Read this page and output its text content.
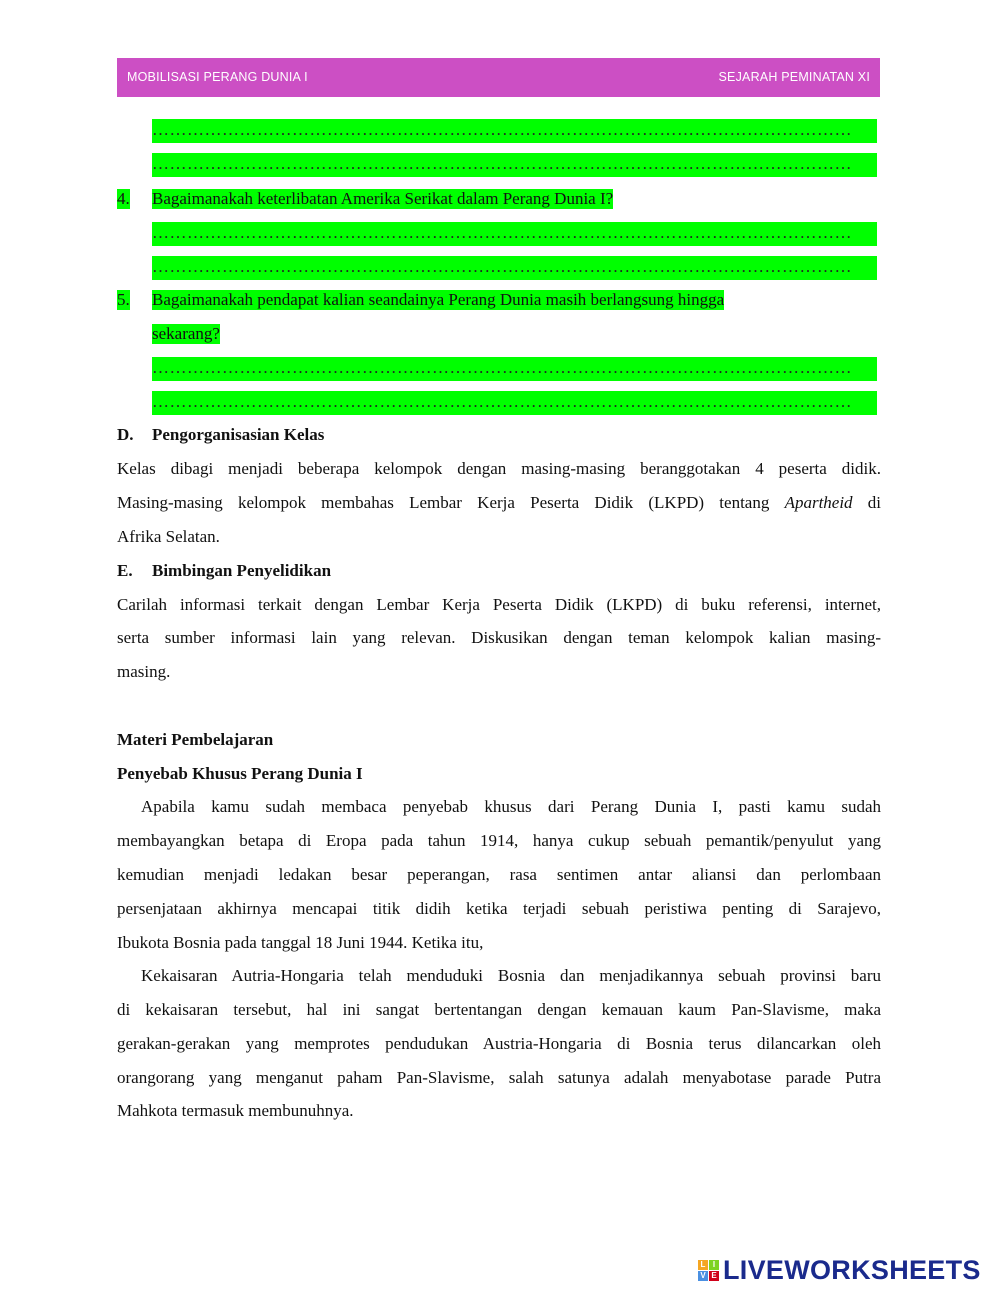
MOBILISASI PERANG DUNIA I	SEJARAH PEMINATAN XI
…………………………………………………………………………………………………………
…………………………………………………………………………………………………………
4. Bagaimanakah keterlibatan Amerika Serikat dalam Perang Dunia I?
…………………………………………………………………………………………………………
…………………………………………………………………………………………………………
5. Bagaimanakah pendapat kalian seandainya Perang Dunia masih berlangsung hingga
sekarang?
…………………………………………………………………………………………………………
…………………………………………………………………………………………………………
D. Pengorganisasian Kelas
Kelas dibagi menjadi beberapa kelompok dengan masing-masing beranggotakan 4 peserta didik.
Masing-masing kelompok membahas Lembar Kerja Peserta Didik (LKPD) tentang Apartheid di
Afrika Selatan.
E. Bimbingan Penyelidikan
Carilah informasi terkait dengan Lembar Kerja Peserta Didik (LKPD) di buku referensi, internet,
serta sumber informasi lain yang relevan. Diskusikan dengan teman kelompok kalian masing-
masing.
Materi Pembelajaran
Penyebab Khusus Perang Dunia I
Apabila kamu sudah membaca penyebab khusus dari Perang Dunia I, pasti kamu sudah
membayangkan betapa di Eropa pada tahun 1914, hanya cukup sebuah pemantik/penyulut yang
kemudian menjadi ledakan besar peperangan, rasa sentimen antar aliansi dan perlombaan
persenjataan akhirnya mencapai titik didih ketika terjadi sebuah peristiwa penting di Sarajevo,
Ibukota Bosnia pada tanggal 18 Juni 1944. Ketika itu,
Kekaisaran Autria-Hongaria telah menduduki Bosnia dan menjadikannya sebuah provinsi baru
di kekaisaran tersebut, hal ini sangat bertentangan dengan kemauan kaum Pan-Slavisme, maka
gerakan-gerakan yang memprotes pendudukan Austria-Hongaria di Bosnia terus dilancarkan oleh
orangorang yang menganut paham Pan-Slavisme, salah satunya adalah menyabotase parade Putra
Mahkota termasuk membunuhnya.
L I
V E LIVEWORKSHEETS
